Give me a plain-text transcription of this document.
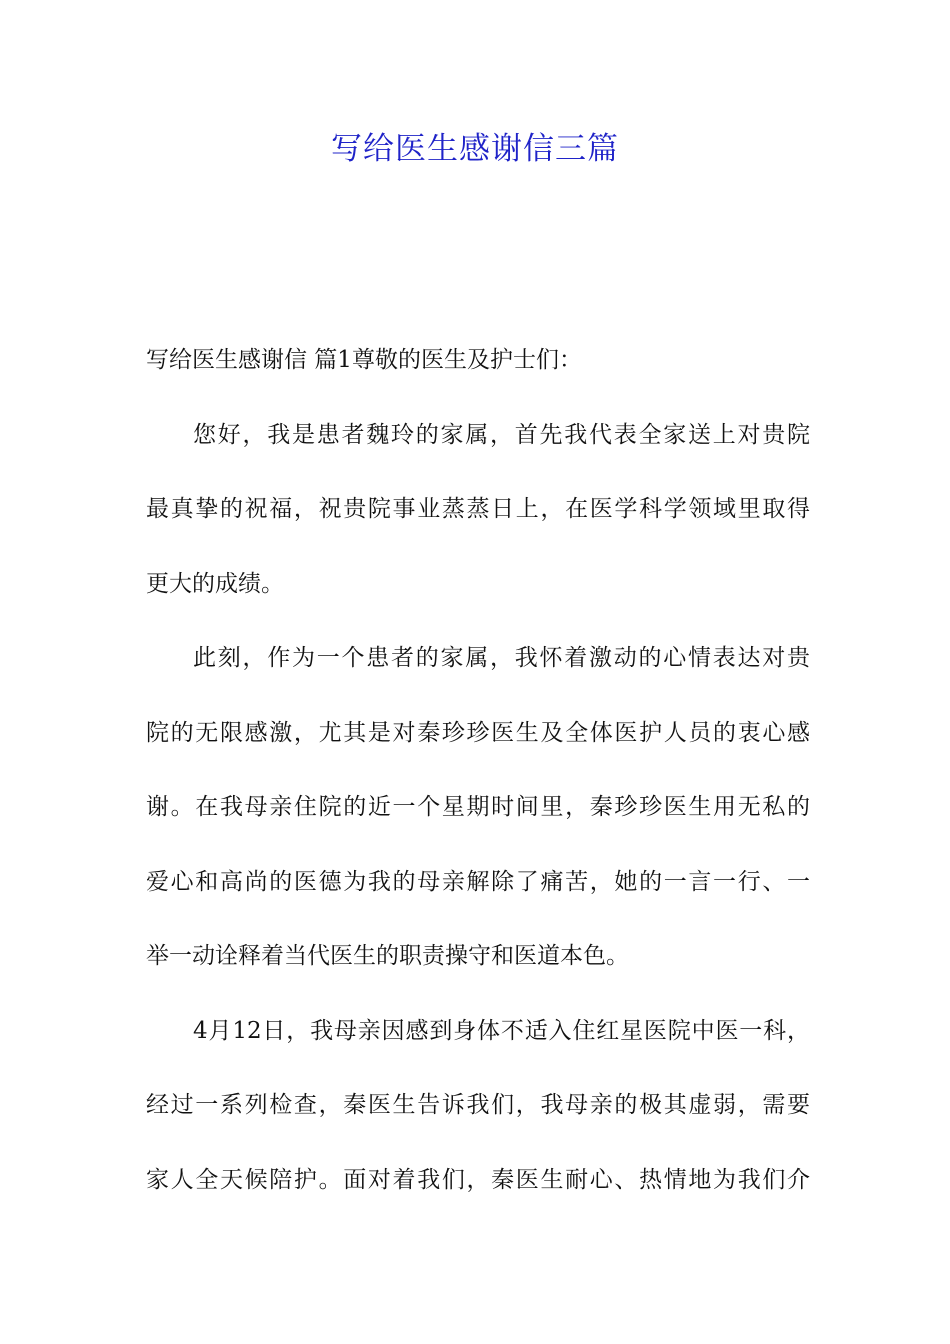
写给医生感谢信三篇
写给医生感谢信 篇1尊敬的医生及护士们：
您好，我是患者魏玲的家属，首先我代表全家送上对贵院
最真挚的祝福，祝贵院事业蒸蒸日上，在医学科学领域里取得
更大的成绩。
此刻，作为一个患者的家属，我怀着激动的心情表达对贵
院的无限感激，尤其是对秦珍珍医生及全体医护人员的衷心感
谢。在我母亲住院的近一个星期时间里，秦珍珍医生用无私的
爱心和高尚的医德为我的母亲解除了痛苦，她的一言一行、一
举一动诠释着当代医生的职责操守和医道本色。
4月12日，我母亲因感到身体不适入住红星医院中医一科，
经过一系列检查，秦医生告诉我们，我母亲的极其虚弱，需要
家人全天候陪护。面对着我们，秦医生耐心、热情地为我们介
